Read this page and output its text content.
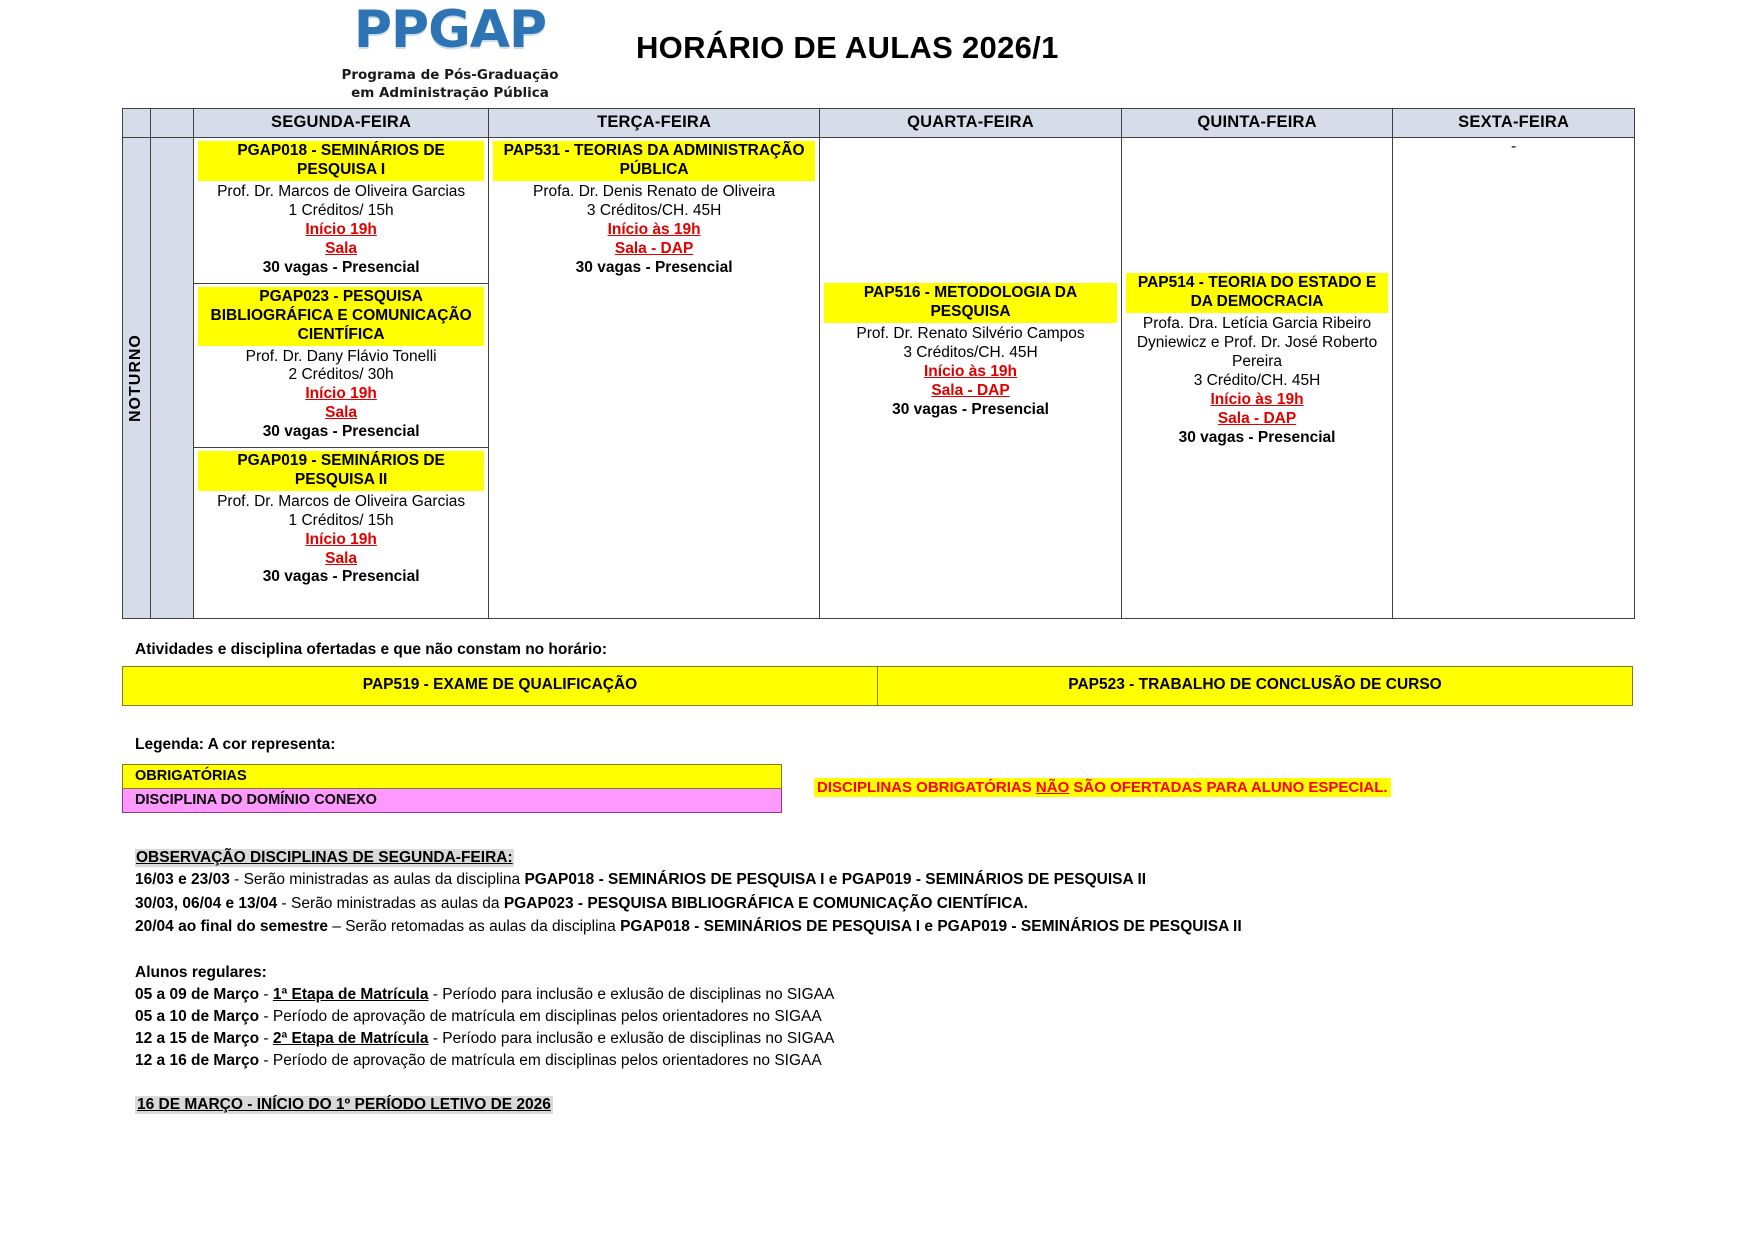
PPGAP
Programa de Pós-Graduação
em Administração Pública
HORÁRIO DE AULAS 2026/1
		SEGUNDA-FEIRA	TERÇA-FEIRA	QUARTA-FEIRA	QUINTA-FEIRA	SEXTA-FEIRA

NOTURNO

PGAP018 - SEMINÁRIOS DE PESQUISA I
Prof. Dr. Marcos de Oliveira Garcias
1 Créditos/ 15h
Início 19h
Sala
30 vagas - Presencial
PGAP023 - PESQUISA BIBLIOGRÁFICA E COMUNICAÇÃO CIENTÍFICA
Prof. Dr. Dany Flávio Tonelli
2 Créditos/ 30h
Início 19h
Sala
30 vagas - Presencial
PGAP019 - SEMINÁRIOS DE PESQUISA II
Prof. Dr. Marcos de Oliveira Garcias
1 Créditos/ 15h
Início 19h
Sala
30 vagas - Presencial

PAP531 - TEORIAS DA ADMINISTRAÇÃO PÚBLICA
Profa. Dr. Denis Renato de Oliveira
3 Créditos/CH. 45H
Início às 19h
Sala - DAP
30 vagas - Presencial

PAP516 - METODOLOGIA DA PESQUISA
Prof. Dr. Renato Silvério Campos
3 Créditos/CH. 45H
Início às 19h
Sala - DAP
30 vagas - Presencial

PAP514 - TEORIA DO ESTADO E DA DEMOCRACIA
Profa. Dra. Letícia Garcia Ribeiro Dyniewicz e Prof. Dr. José Roberto Pereira
3 Crédito/CH. 45H
Início às 19h
Sala - DAP
30 vagas - Presencial

-
Atividades e disciplina ofertadas e que não constam no horário:
PAP519 - EXAME DE QUALIFICAÇÃO	PAP523 - TRABALHO DE CONCLUSÃO DE CURSO
Legenda: A cor representa:
OBRIGATÓRIAS
DISCIPLINA DO DOMÍNIO CONEXO
DISCIPLINAS OBRIGATÓRIAS NÃO SÃO OFERTADAS PARA ALUNO ESPECIAL.
OBSERVAÇÃO DISCIPLINAS DE SEGUNDA-FEIRA:
16/03 e 23/03 - Serão ministradas as aulas da disciplina PGAP018 - SEMINÁRIOS DE PESQUISA I e PGAP019 - SEMINÁRIOS DE PESQUISA II
30/03, 06/04 e 13/04 - Serão ministradas as aulas da PGAP023 - PESQUISA BIBLIOGRÁFICA E COMUNICAÇÃO CIENTÍFICA.
20/04 ao final do semestre – Serão retomadas as aulas da disciplina PGAP018 - SEMINÁRIOS DE PESQUISA I e PGAP019 - SEMINÁRIOS DE PESQUISA II
Alunos regulares:
05 a 09 de Março - 1ª Etapa de Matrícula - Período para inclusão e exlusão de disciplinas no SIGAA
05 a 10 de Março - Período de aprovação de matrícula em disciplinas pelos orientadores no SIGAA
12 a 15 de Março - 2ª Etapa de Matrícula - Período para inclusão e exlusão de disciplinas no SIGAA
12 a 16 de Março - Período de aprovação de matrícula em disciplinas pelos orientadores no SIGAA
16 DE MARÇO - INÍCIO DO 1º PERÍODO LETIVO DE 2026
